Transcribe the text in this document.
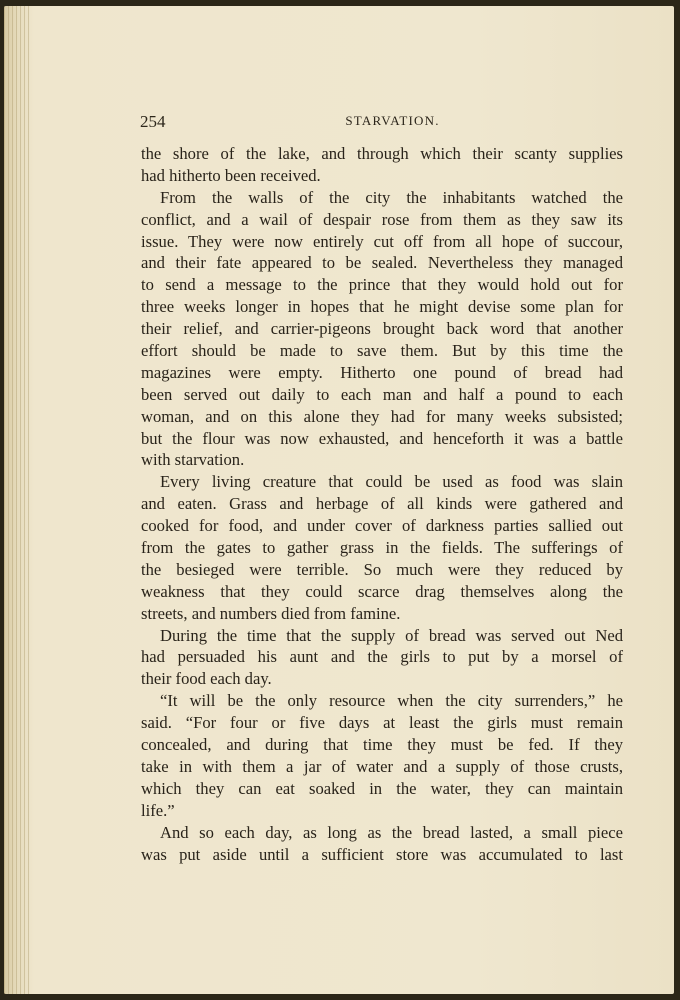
254	STARVATION.
the shore of the lake, and through which their scanty supplies
had hitherto been received.
From the walls of the city the inhabitants watched the
conflict, and a wail of despair rose from them as they saw its
issue. They were now entirely cut off from all hope of succour,
and their fate appeared to be sealed. Nevertheless they managed
to send a message to the prince that they would hold out for
three weeks longer in hopes that he might devise some plan for
their relief, and carrier-pigeons brought back word that another
effort should be made to save them. But by this time the
magazines were empty. Hitherto one pound of bread had
been served out daily to each man and half a pound to each
woman, and on this alone they had for many weeks subsisted;
but the flour was now exhausted, and henceforth it was a battle
with starvation.
Every living creature that could be used as food was slain
and eaten. Grass and herbage of all kinds were gathered and
cooked for food, and under cover of darkness parties sallied out
from the gates to gather grass in the fields. The sufferings of
the besieged were terrible. So much were they reduced by
weakness that they could scarce drag themselves along the
streets, and numbers died from famine.
During the time that the supply of bread was served out Ned
had persuaded his aunt and the girls to put by a morsel of
their food each day.
“It will be the only resource when the city surrenders,” he
said. “For four or five days at least the girls must remain
concealed, and during that time they must be fed. If they
take in with them a jar of water and a supply of those crusts,
which they can eat soaked in the water, they can maintain
life.”
And so each day, as long as the bread lasted, a small piece
was put aside until a sufficient store was accumulated to last
